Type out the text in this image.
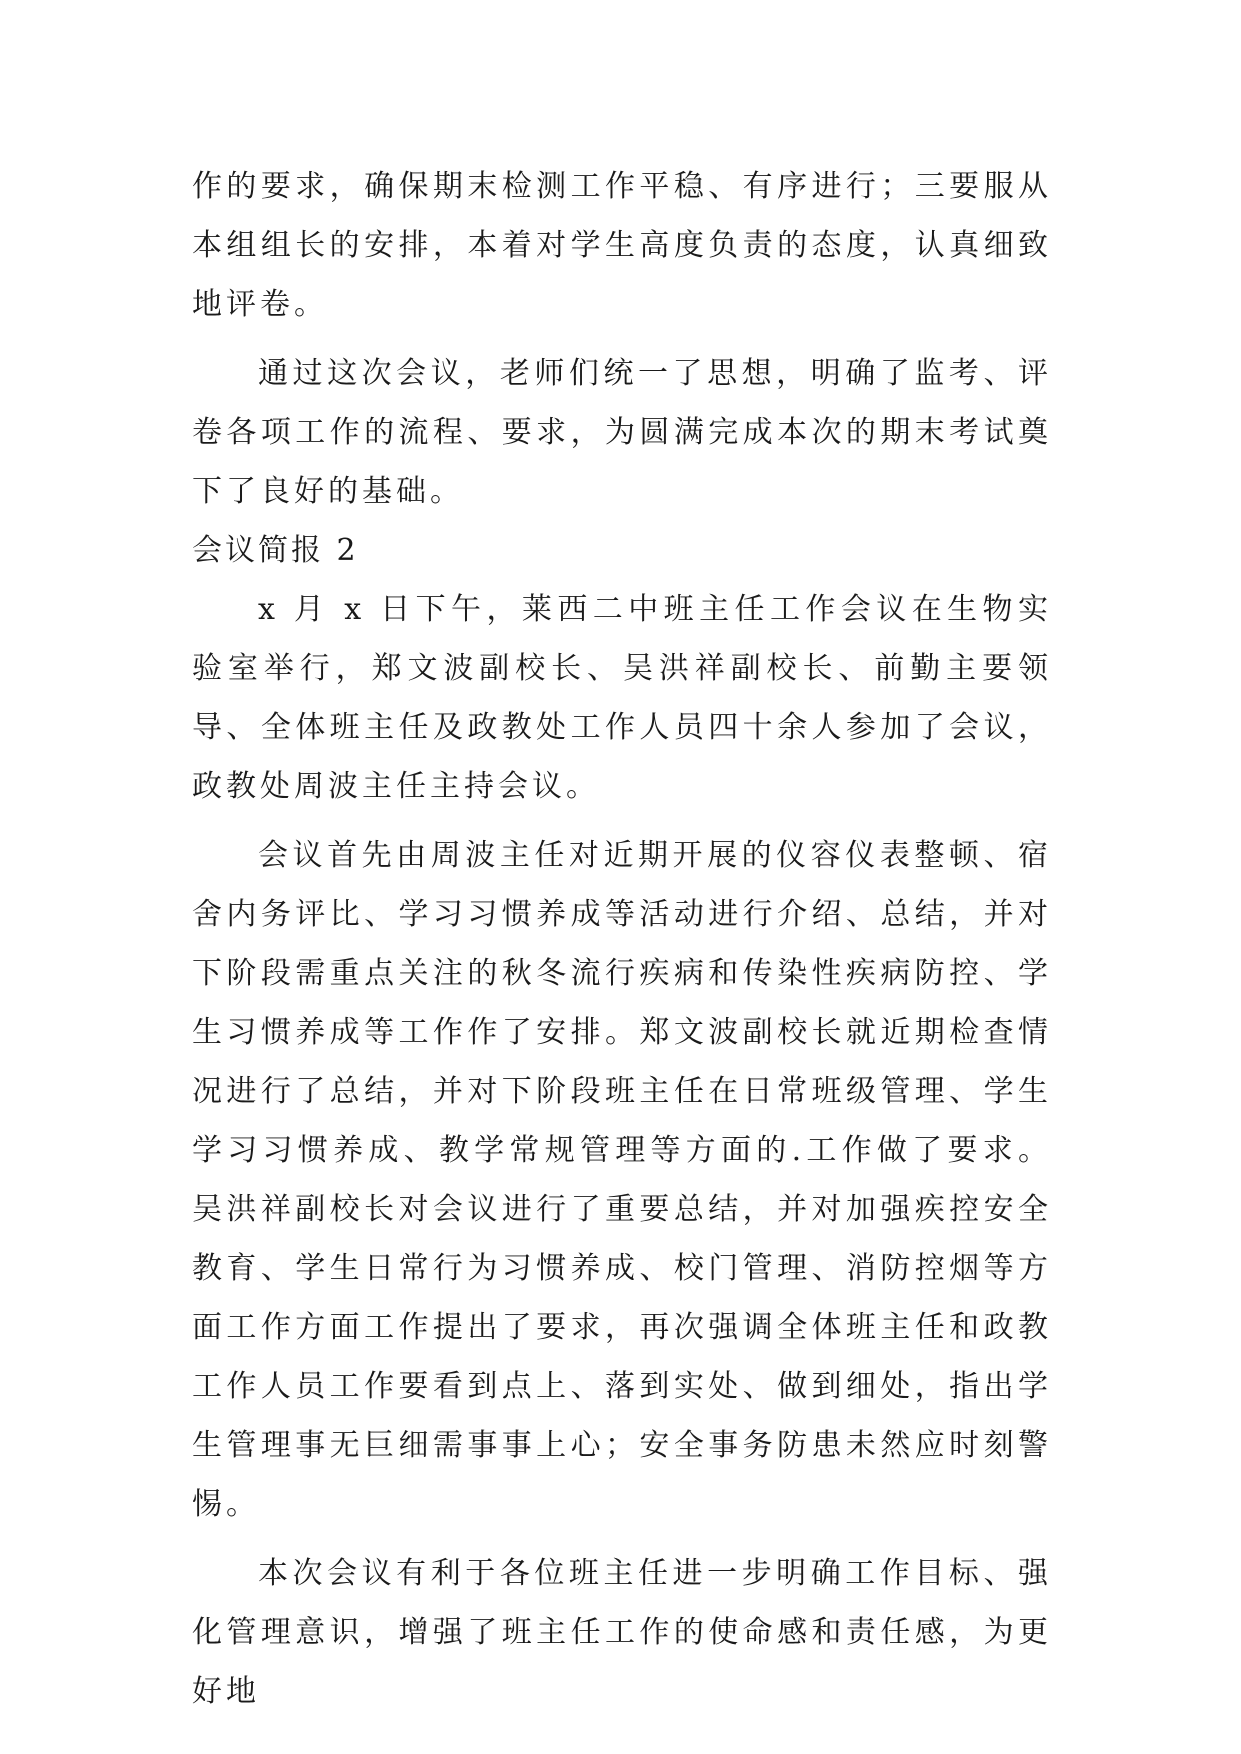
作的要求，确保期末检测工作平稳、有序进行；三要服从本组组长的安排，本着对学生高度负责的态度，认真细致地评卷。

通过这次会议，老师们统一了思想，明确了监考、评卷各项工作的流程、要求，为圆满完成本次的期末考试奠下了良好的基础。

会议简报 2

x 月 x 日下午，莱西二中班主任工作会议在生物实验室举行，郑文波副校长、吴洪祥副校长、前勤主要领导、全体班主任及政教处工作人员四十余人参加了会议，政教处周波主任主持会议。

会议首先由周波主任对近期开展的仪容仪表整顿、宿舍内务评比、学习习惯养成等活动进行介绍、总结，并对下阶段需重点关注的秋冬流行疾病和传染性疾病防控、学生习惯养成等工作作了安排。郑文波副校长就近期检查情况进行了总结，并对下阶段班主任在日常班级管理、学生学习习惯养成、教学常规管理等方面的.工作做了要求。吴洪祥副校长对会议进行了重要总结，并对加强疾控安全教育、学生日常行为习惯养成、校门管理、消防控烟等方面工作方面工作提出了要求，再次强调全体班主任和政教工作人员工作要看到点上、落到实处、做到细处，指出学生管理事无巨细需事事上心；安全事务防患未然应时刻警惕。

本次会议有利于各位班主任进一步明确工作目标、强化管理意识，增强了班主任工作的使命感和责任感，为更好地
